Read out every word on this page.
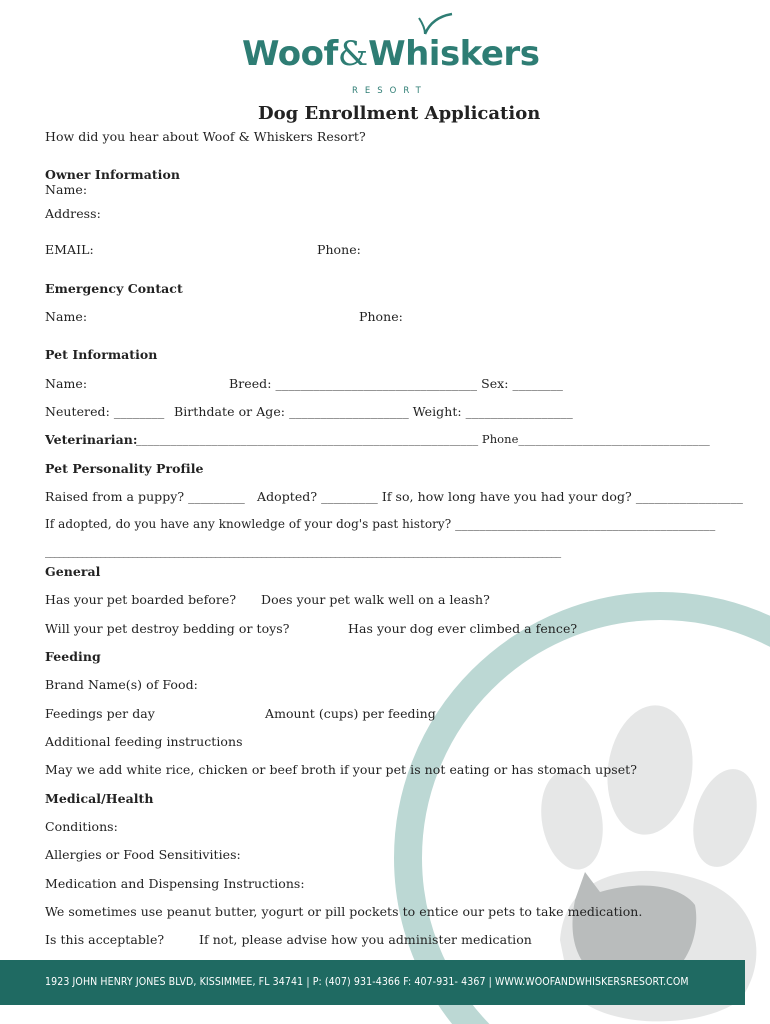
Woof&Whiskers
RESORT
Dog Enrollment Application
How did you hear about Woof & Whiskers Resort?
Owner Information
Name:
Address:
EMAIL:	Phone:
Emergency Contact
Name:	Phone:
Pet Information
Name:	Breed: ________________________________ Sex: ________
Neutered: ________ Birthdate or Age: ___________________ Weight: _________________
Veterinarian:
___________________________________________________________ Phone_________________________________
Pet Personality Profile
Raised from a puppy? _________ Adopted? _________ If so, how long have you had your dog? _________________
If adopted, do you have any knowledge of your dog's past history? ___________________________________________
________________________________________________________________________________________________________________
General
Has your pet boarded before? Does your pet walk well on a leash?
Will your pet destroy bedding or toys?	Has your dog ever climbed a fence?
Feeding
Brand Name(s) of Food:
Feedings per day	Amount (cups) per feeding
Additional feeding instructions
May we add white rice, chicken or beef broth if your pet is not eating or has stomach upset?
Medical/Health
Conditions:
Allergies or Food Sensitivities:
Medication and Dispensing Instructions:
We sometimes use peanut butter, yogurt or pill pockets to entice our pets to take medication.
Is this acceptable?	If not, please advise how you administer medication
1923 JOHN HENRY JONES BLVD, KISSIMMEE, FL 34741 | P: (407) 931-4366 F: 407-931- 4367 | WWW.WOOFANDWHISKERSRESORT.COM
